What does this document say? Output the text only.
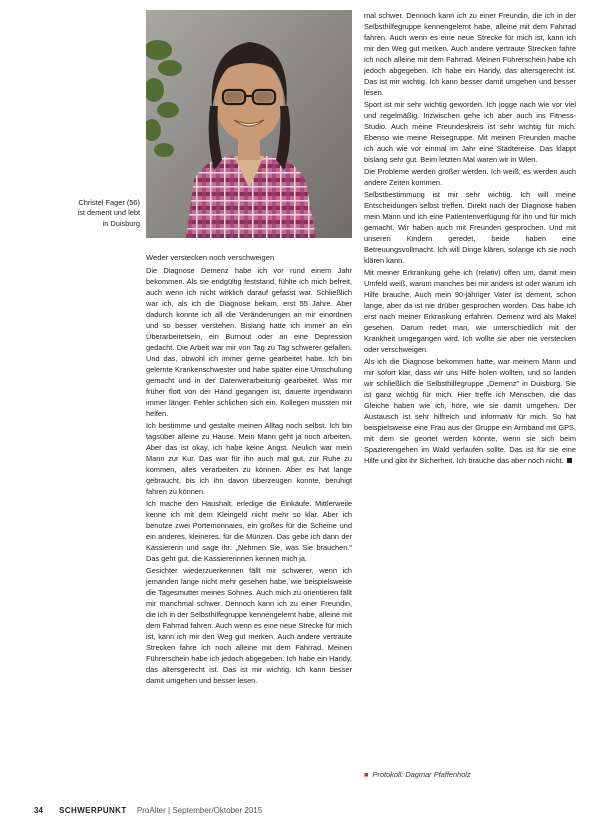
Christel Fager (56)
ist dement und lebt
in Duisburg
Weder verstecken noch verschweigen

Die Diagnose Demenz habe ich vor rund einem Jahr bekommen. Als sie endgültig feststand, fühlte ich mich befreit, auch wenn ich nicht wirklich darauf gefasst war. Schließlich war ich, als ich die Diagnose bekam, erst 55 Jahre. Aber dadurch konnte ich all die Veränderungen an mir einordnen und so besser verstehen. Bislang hatte ich immer an ein Überarbeitetsein, ein Burnout oder an eine Depression gedacht. Die Arbeit war mir von Tag zu Tag schwerer gefallen. Und das, obwohl ich immer gerne gearbeitet habe. Ich bin gelernte Krankenschwester und habe später eine Umschulung gemacht und in der Datenverarbeitung gearbeitet. Was mir früher flott von der Hand gegangen ist, dauerte irgendwann immer länger. Fehler schlichen sich ein. Kollegen mussten mir helfen.

Ich bestimme und gestalte meinen Alltag noch selbst. Ich bin tagsüber alleine zu Hause. Mein Mann geht ja noch arbeiten. Aber das ist okay, ich habe keine Angst. Neulich war mein Mann zur Kur. Das war für ihn auch mal gut, zur Ruhe zu kommen, alles verarbeiten zu können. Aber es hat lange gebraucht, bis ich ihn davon überzeugen konnte, beruhigt fahren zu können.

Ich mache den Haushalt, erledige die Einkäufe. Mittlerweile kenne ich mit dem Kleingeld nicht mehr so klar. Aber ich benutze zwei Portemonnaies, ein großes für die Scheine und ein anderes, kleineres, für die Münzen. Das gebe ich dann der Kassiererin und sage ihr: „Nehmen Sie, was Sie brauchen." Das geht gut, die Kassiererinnen kennen mich ja.

Gesichter wiederzuerkennen fällt mir schwerer, wenn ich jemanden lange nicht mehr gesehen habe, wie beispielsweise die Tagesmutter meines Sohnes. Auch mich zu orientieren fällt mir manchmal schwer. Dennoch kann ich zu einer Freundin, die ich in der Selbsthilfegruppe kennengelernt habe, alleine mit dem Fahrrad fahren. Auch wenn es eine neue Strecke für mich ist, kann ich mir den Weg gut merken. Auch andere vertraute Strecken fahre ich noch alleine mit dem Fahrrad. Meinen Führerschein habe ich jedoch abgegeben. Ich habe ein Handy, das altersgerecht ist. Das ist mir wichtig. Ich kann besser damit umgehen und besser lesen.

mal schwer. Dennoch kann ich zu einer Freundin, die ich in der Selbsthilfegruppe kennengelernt habe, alleine mit dem Fahrrad fahren. Auch wenn es eine neue Strecke für mich ist, kann ich mir den Weg gut merken. Auch andere vertraute Strecken fahre ich noch alleine mit dem Fahrrad. Meinen Führerschein habe ich jedoch abgegeben. Ich habe ein Handy, das altersgerecht ist. Das ist mir wichtig. Ich kann besser damit umgehen und besser lesen.

Sport ist mir sehr wichtig geworden. Ich jogge nach wie vor viel und regelmäßig. Inzwischen gehe ich aber auch ins Fitness-Studio. Auch meine Freundeskreis ist sehr wichtig für mich. Ebenso wie meine Reisegruppe. Mit meinen Freunden mache ich auch wie vor einmal im Jahr eine Städtereise. Das klappt bislang sehr gut. Beim letzten Mal waren wir in Wien.

Die Probleme werden größer werden. Ich weiß, es werden auch andere Zeiten kommen.

Selbstbestimmung ist mir sehr wichtig. Ich will meine Entscheidungen selbst treffen. Direkt nach der Diagnose haben mein Mann und ich eine Patientenverfügung für ihn und für mich gemacht. Wir haben auch mit Freunden gesprochen. Und mit unseren Kindern geredet, beide haben eine Betreuungsvollmacht. Ich will Dinge klären, solange ich sie noch klären kann.

Mit meiner Erkrankung gehe ich (relativ) offen um, damit mein Umfeld weiß, warum manches bei mir anders ist oder warum ich Hilfe brauche. Auch mein 90-jähriger Vater ist dement, schon lange, aber da ist nie drüber gesprochen worden. Das habe ich erst nach meiner Erkrankung erfahren. Demenz wird als Makel gesehen. Darum redet man, wie unterschiedlich mit der Krankheit umgegangen wird. Ich wollte sie aber nie verstecken oder verschweigen.

Als ich die Diagnose bekommen hatte, war meinem Mann und mir sofort klar, dass wir uns Hilfe holen wollten, und so landen wir schließlich die Selbsthilfegruppe „Demenz" in Duisburg. Sie ist ganz wichtig für mich. Hier treffe ich Menschen, die das Gleiche haben wie ich, höre, wie sie damit umgehen. Der Austausch ist sehr hilfreich und informativ für mich. So hat beispielsweise eine Frau aus der Gruppe ein Armband mit GPS, mit dem sie geortet werden könnte, wenn sie sich beim Spazierengehen im Wald verlaufen sollte. Das ist für sie eine Hilfe und gibt ihr Sicherheit. Ich brauche das aber noch nicht.

■ Protokoll: Dagmar Pfaffenholz
34 SCHWERPUNKT ProAlter | September/Oktober 2015
